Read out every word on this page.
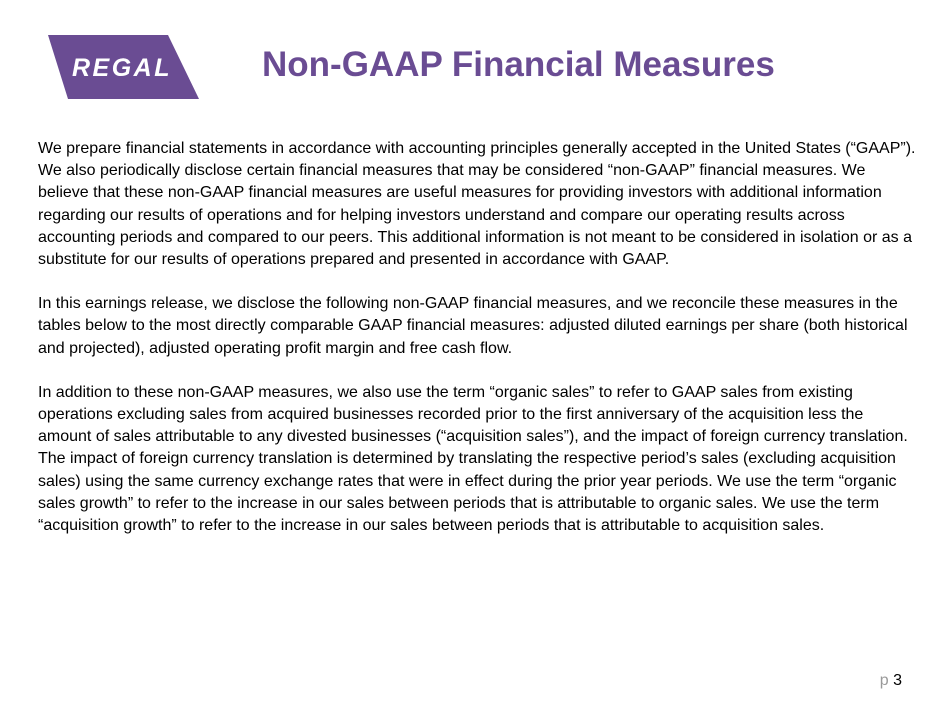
REGAL	Non-GAAP Financial Measures

We prepare financial statements in accordance with accounting principles generally accepted in the United States (“GAAP”). We also periodically disclose certain financial measures that may be considered “non-GAAP” financial measures. We believe that these non-GAAP financial measures are useful measures for providing investors with additional information regarding our results of operations and for helping investors understand and compare our operating results across accounting periods and compared to our peers. This additional information is not meant to be considered in isolation or as a substitute for our results of operations prepared and presented in accordance with GAAP.

In this earnings release, we disclose the following non-GAAP financial measures, and we reconcile these measures in the tables below to the most directly comparable GAAP financial measures: adjusted diluted earnings per share (both historical and projected), adjusted operating profit margin and free cash flow.

In addition to these non-GAAP measures, we also use the term “organic sales” to refer to GAAP sales from existing operations excluding sales from acquired businesses recorded prior to the first anniversary of the acquisition less the amount of sales attributable to any divested businesses (“acquisition sales”), and the impact of foreign currency translation. The impact of foreign currency translation is determined by translating the respective period’s sales (excluding acquisition sales) using the same currency exchange rates that were in effect during the prior year periods. We use the term “organic sales growth” to refer to the increase in our sales between periods that is attributable to organic sales. We use the term “acquisition growth” to refer to the increase in our sales between periods that is attributable to acquisition sales.

p 3
